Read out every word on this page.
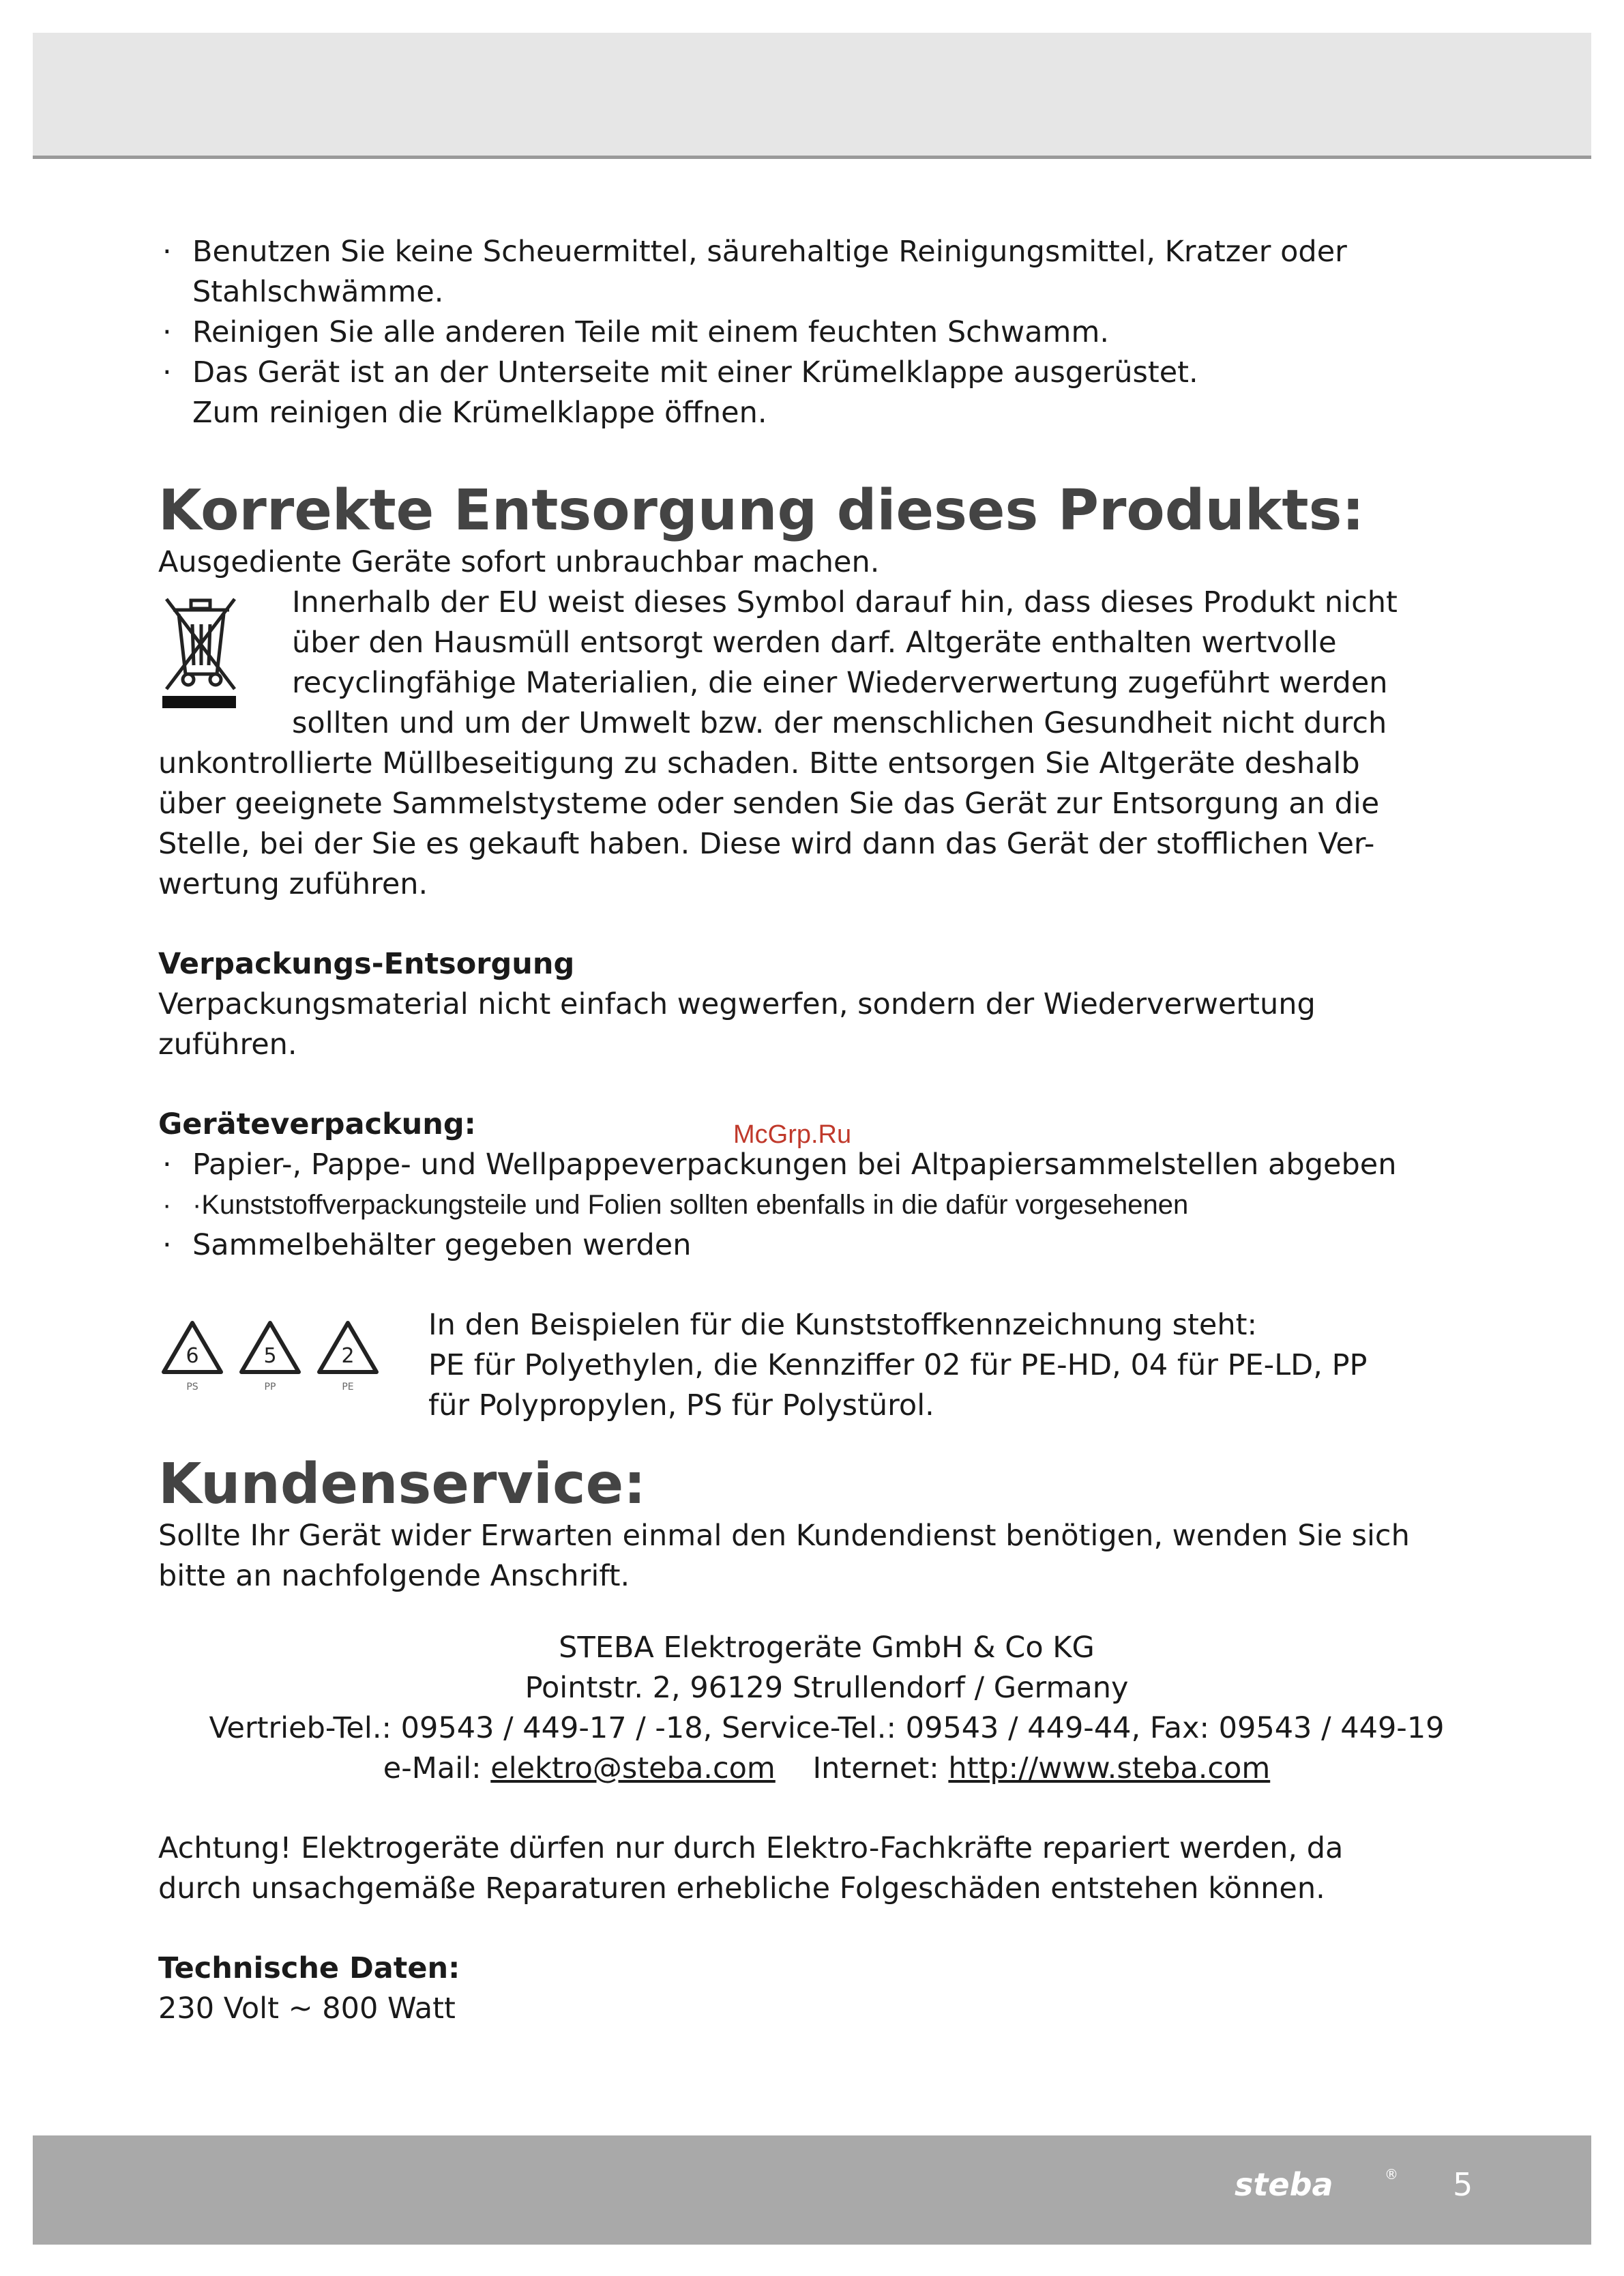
McGrp.Ru
· Benutzen Sie keine Scheuermittel, säurehaltige Reinigungsmittel, Kratzer oder
Stahlschwämme.
· Reinigen Sie alle anderen Teile mit einem feuchten Schwamm.
· Das Gerät ist an der Unterseite mit einer Krümelklappe ausgerüstet.
Zum reinigen die Krümelklappe öffnen.
Korrekte Entsorgung dieses Produkts:

Ausgediente Geräte sofort unbrauchbar machen.

Innerhalb der EU weist dieses Symbol darauf hin, dass dieses Produkt nicht

über den Hausmüll entsorgt werden darf. Altgeräte enthalten wertvolle

recyclingfähige Materialien, die einer Wiederverwertung zugeführt werden

sollten und um der Umwelt bzw. der menschlichen Gesundheit nicht durch

unkontrollierte Müllbeseitigung zu schaden. Bitte entsorgen Sie Altgeräte deshalb

über geeignete Sammelstysteme oder senden Sie das Gerät zur Entsorgung an die

Stelle, bei der Sie es gekauft haben. Diese wird dann das Gerät der stofflichen Ver-

wertung zuführen.

Verpackungs-Entsorgung

Verpackungsmaterial nicht einfach wegwerfen, sondern der Wiederverwertung

zuführen.

Geräteverpackung:
· Papier-, Pappe- und Wellpappeverpackungen bei Altpapiersammelstellen abgeben
· ·Kunststoffverpackungsteile und Folien sollten ebenfalls in die dafür vorgesehenen
· Sammelbehälter gegeben werden
6
PS
5
PP
2
PE

In den Beispielen für die Kunststoffkennzeichnung steht:

PE für Polyethylen, die Kennziffer 02 für PE-HD, 04 für PE-LD, PP

für Polypropylen, PS für Polystürol.

Kundenservice:

Sollte Ihr Gerät wider Erwarten einmal den Kundendienst benötigen, wenden Sie sich

bitte an nachfolgende Anschrift.

STEBA Elektrogeräte GmbH & Co KG

Pointstr. 2, 96129 Strullendorf / Germany

Vertrieb-Tel.: 09543 / 449-17 / -18, Service-Tel.: 09543 / 449-44, Fax: 09543 / 449-19

e-Mail: elektro@steba.com Internet: http://www.steba.com

Achtung! Elektrogeräte dürfen nur durch Elektro-Fachkräfte repariert werden, da

durch unsachgemäße Reparaturen erhebliche Folgeschäden entstehen können.

Technische Daten:

230 Volt ~ 800 Watt

steba	® 5
